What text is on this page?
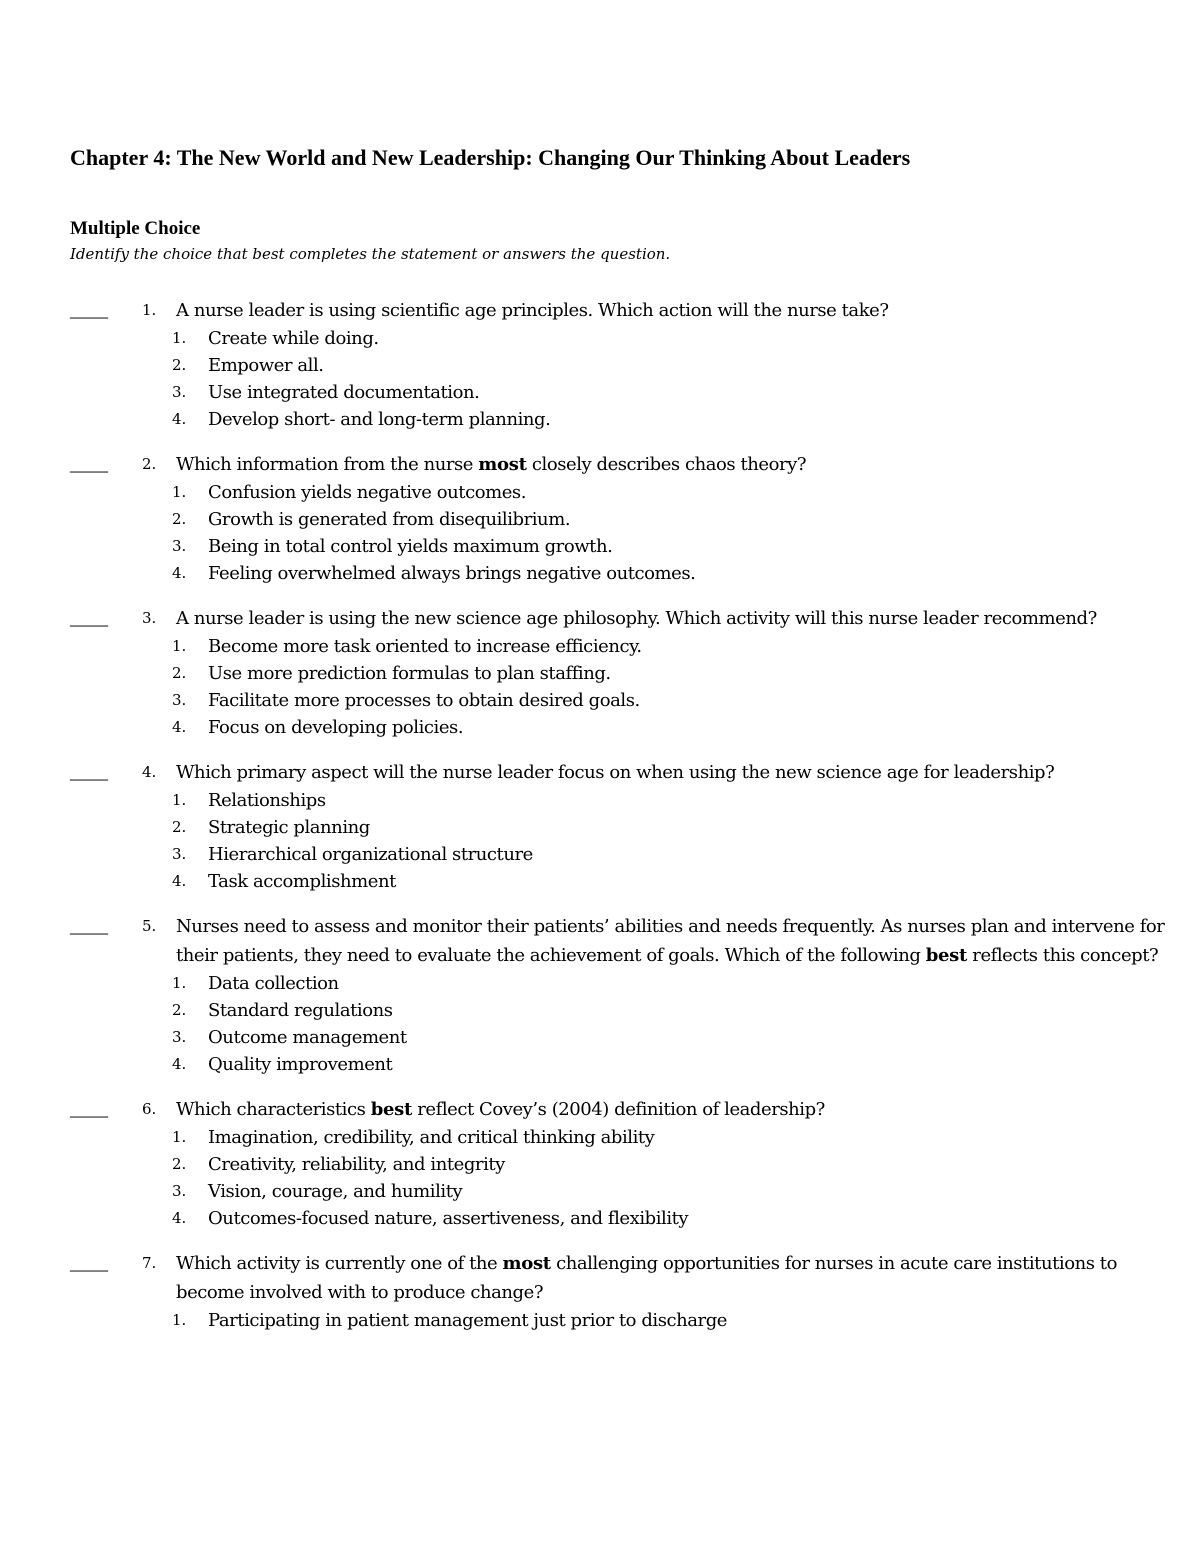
Chapter 4: The New World and New Leadership: Changing Our Thinking About Leaders
Multiple Choice
Identify the choice that best completes the statement or answers the question.
____ 1. A nurse leader is using scientific age principles. Which action will the nurse take?
1. Create while doing.
2. Empower all.
3. Use integrated documentation.
4. Develop short- and long-term planning.
____ 2. Which information from the nurse most closely describes chaos theory?
1. Confusion yields negative outcomes.
2. Growth is generated from disequilibrium.
3. Being in total control yields maximum growth.
4. Feeling overwhelmed always brings negative outcomes.
____ 3. A nurse leader is using the new science age philosophy. Which activity will this nurse leader recommend?
1. Become more task oriented to increase efficiency.
2. Use more prediction formulas to plan staffing.
3. Facilitate more processes to obtain desired goals.
4. Focus on developing policies.
____ 4. Which primary aspect will the nurse leader focus on when using the new science age for leadership?
1. Relationships
2. Strategic planning
3. Hierarchical organizational structure
4. Task accomplishment
____ 5. Nurses need to assess and monitor their patients’ abilities and needs frequently. As nurses plan and intervene for their patients, they need to evaluate the achievement of goals. Which of the following best reflects this concept?
1. Data collection
2. Standard regulations
3. Outcome management
4. Quality improvement
____ 6. Which characteristics best reflect Covey’s (2004) definition of leadership?
1. Imagination, credibility, and critical thinking ability
2. Creativity, reliability, and integrity
3. Vision, courage, and humility
4. Outcomes-focused nature, assertiveness, and flexibility
____ 7. Which activity is currently one of the most challenging opportunities for nurses in acute care institutions to become involved with to produce change?
1. Participating in patient management just prior to discharge
